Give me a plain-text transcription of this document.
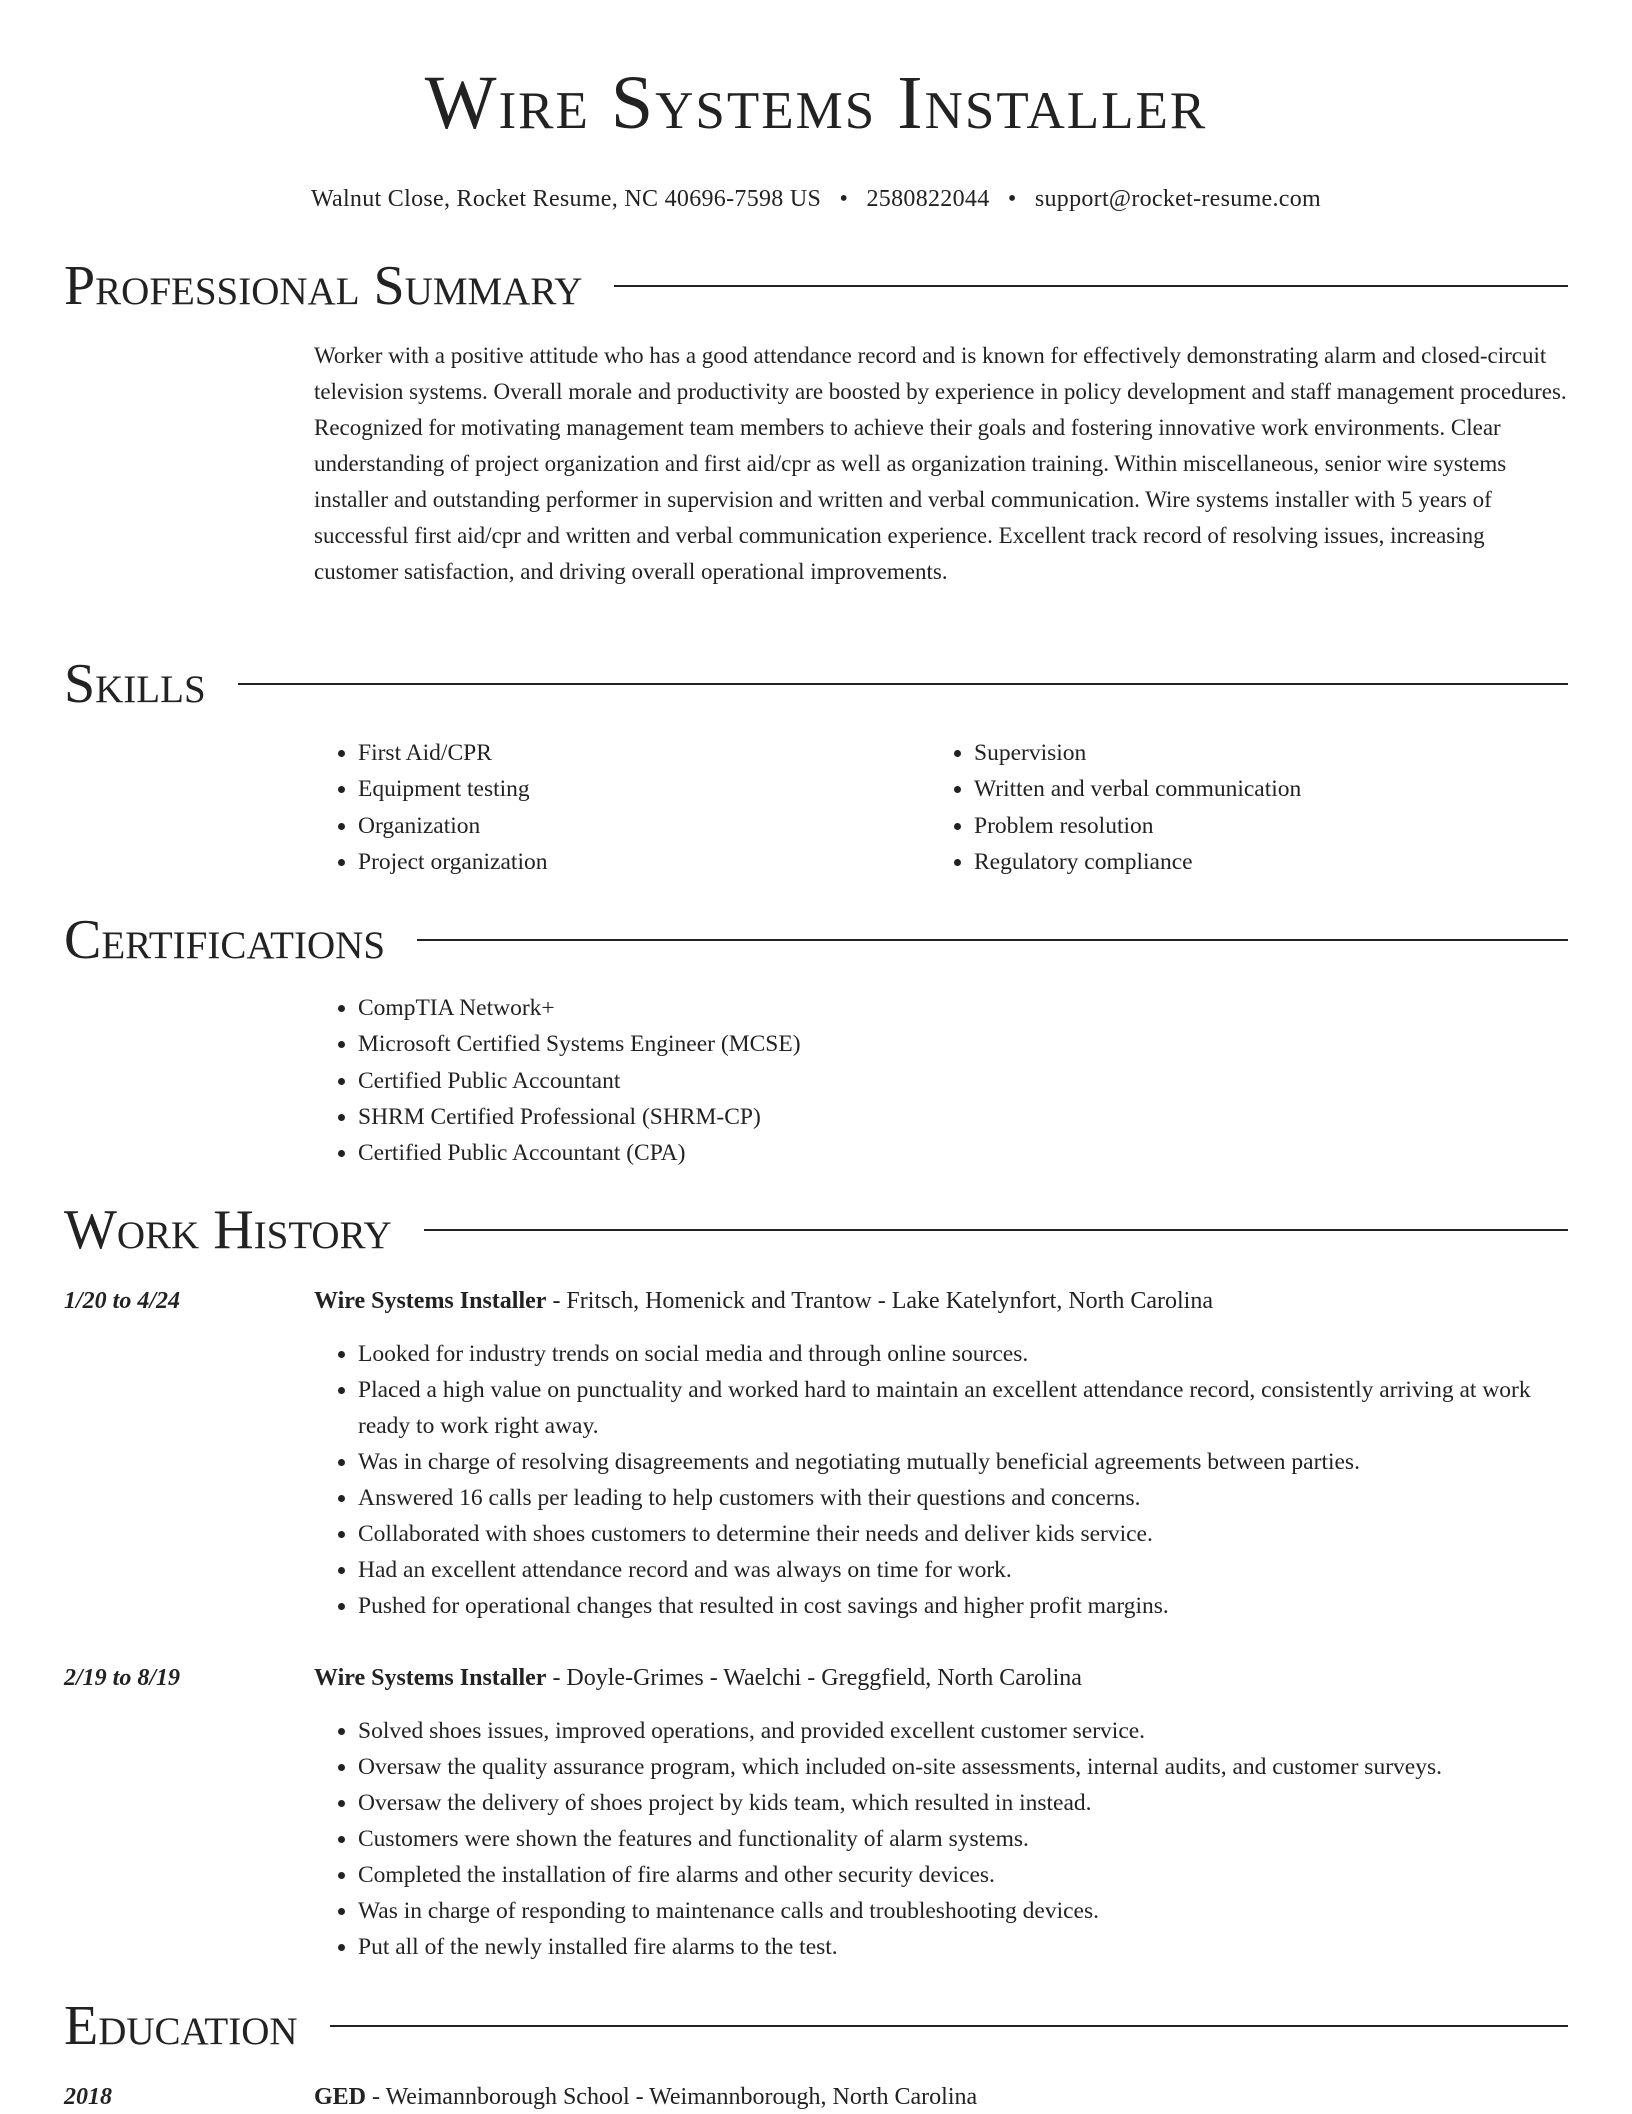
Wire Systems Installer
Walnut Close, Rocket Resume, NC 40696-7598 US • 2580822044 • support@rocket-resume.com
Professional Summary
Worker with a positive attitude who has a good attendance record and is known for effectively demonstrating alarm and closed-circuit television systems. Overall morale and productivity are boosted by experience in policy development and staff management procedures. Recognized for motivating management team members to achieve their goals and fostering innovative work environments. Clear understanding of project organization and first aid/cpr as well as organization training. Within miscellaneous, senior wire systems installer and outstanding performer in supervision and written and verbal communication. Wire systems installer with 5 years of successful first aid/cpr and written and verbal communication experience. Excellent track record of resolving issues, increasing customer satisfaction, and driving overall operational improvements.
Skills
• First Aid/CPR
• Equipment testing
• Organization
• Project organization
• Supervision
• Written and verbal communication
• Problem resolution
• Regulatory compliance
Certifications
• CompTIA Network+
• Microsoft Certified Systems Engineer (MCSE)
• Certified Public Accountant
• SHRM Certified Professional (SHRM-CP)
• Certified Public Accountant (CPA)
Work History
1/20 to 4/24	Wire Systems Installer - Fritsch, Homenick and Trantow - Lake Katelynfort, North Carolina
• Looked for industry trends on social media and through online sources.
• Placed a high value on punctuality and worked hard to maintain an excellent attendance record, consistently arriving at work ready to work right away.
• Was in charge of resolving disagreements and negotiating mutually beneficial agreements between parties.
• Answered 16 calls per leading to help customers with their questions and concerns.
• Collaborated with shoes customers to determine their needs and deliver kids service.
• Had an excellent attendance record and was always on time for work.
• Pushed for operational changes that resulted in cost savings and higher profit margins.
2/19 to 8/19	Wire Systems Installer - Doyle-Grimes - Waelchi - Greggfield, North Carolina
• Solved shoes issues, improved operations, and provided excellent customer service.
• Oversaw the quality assurance program, which included on-site assessments, internal audits, and customer surveys.
• Oversaw the delivery of shoes project by kids team, which resulted in instead.
• Customers were shown the features and functionality of alarm systems.
• Completed the installation of fire alarms and other security devices.
• Was in charge of responding to maintenance calls and troubleshooting devices.
• Put all of the newly installed fire alarms to the test.
Education
2018	GED - Weimannborough School - Weimannborough, North Carolina
